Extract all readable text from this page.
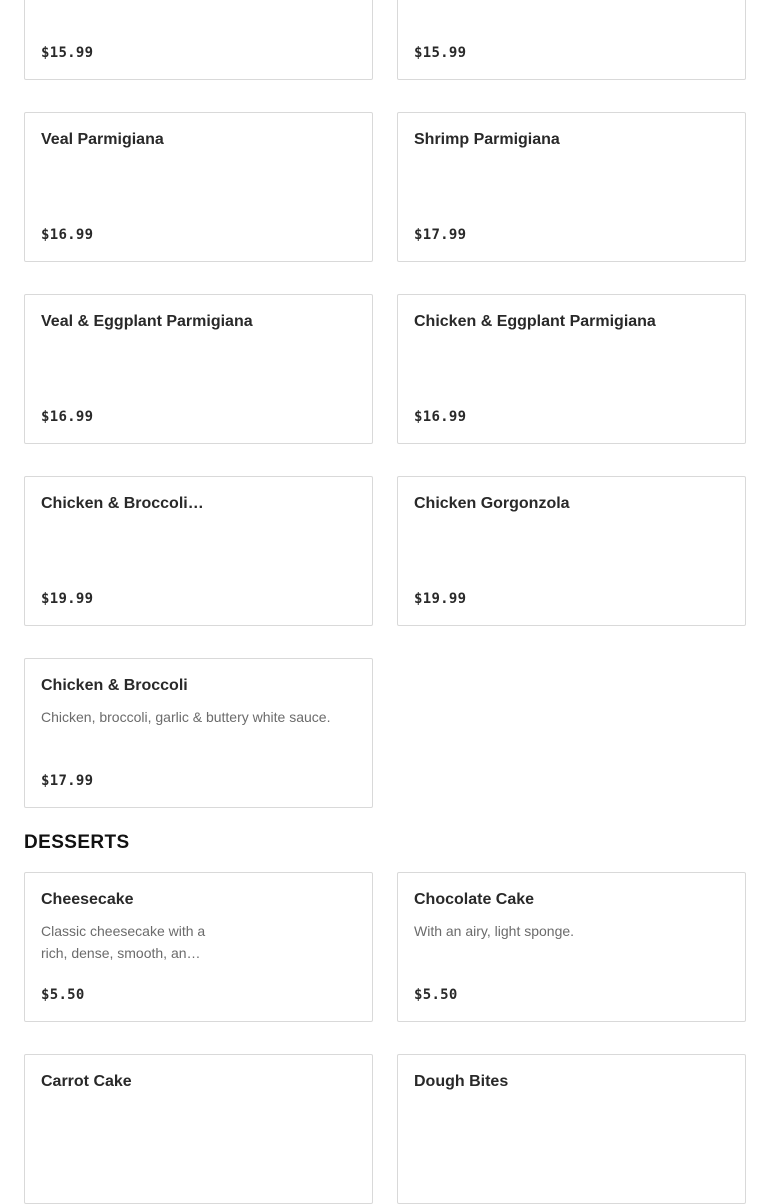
$15.99	$15.99
Veal Parmigiana
$16.99
Shrimp Parmigiana
$17.99
Veal & Eggplant Parmigiana
$16.99
Chicken & Eggplant Parmigiana
$16.99
Chicken & Broccoli…
$19.99
Chicken Gorgonzola
$19.99
Chicken & Broccoli
Chicken, broccoli, garlic & buttery white sauce.
$17.99
DESSERTS
Cheesecake
Classic cheesecake with a rich, dense, smooth, an…
$5.50
Chocolate Cake
With an airy, light sponge.
$5.50
Carrot Cake	Dough Bites
